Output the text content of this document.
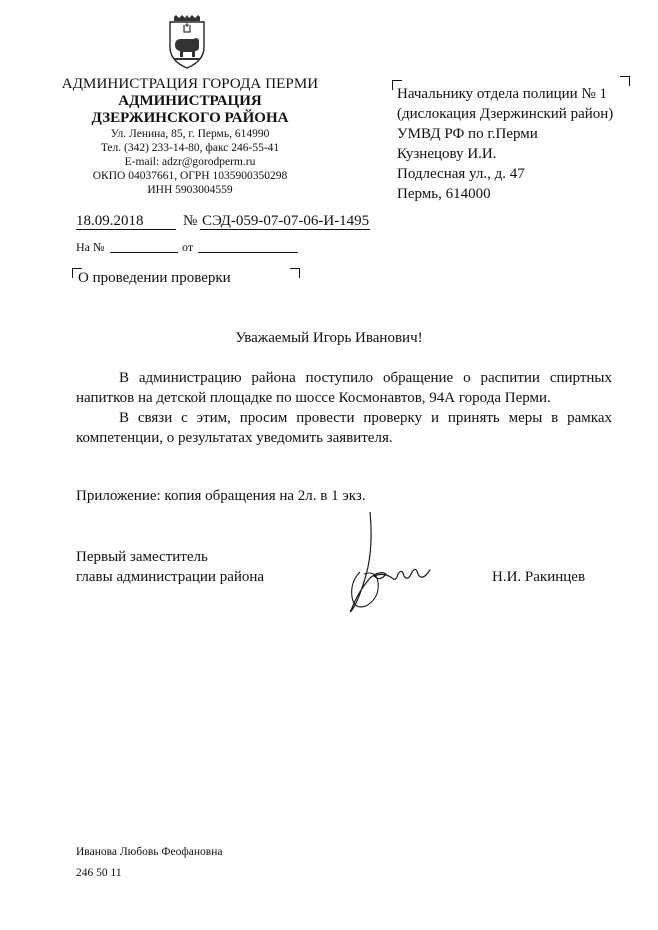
АДМИНИСТРАЦИЯ ГОРОДА ПЕРМИ
АДМИНИСТРАЦИЯ
ДЗЕРЖИНСКОГО РАЙОНА
Ул. Ленина, 85, г. Пермь, 614990
Тел. (342) 233-14-80, факс 246-55-41
E-mail: adzr@gorodperm.ru
ОКПО 04037661, ОГРН 1035900350298
ИНН 5903004559
Начальнику отдела полиции № 1
(дислокация Дзержинский район)
УМВД РФ по г.Перми
Кузнецову И.И.
Подлесная ул., д. 47
Пермь, 614000
18.09.2018	№ СЭД-059-07-07-06-И-1495
На №	от
О проведении проверки
Уважаемый Игорь Иванович!
В администрацию района поступило обращение о распитии спиртных напитков на детской площадке по шоссе Космонавтов, 94А города Перми.
В связи с этим, просим провести проверку и принять меры в рамках компетенции, о результатах уведомить заявителя.
Приложение: копия обращения на 2л. в 1 экз.
Первый заместитель
главы администрации района	Н.И. Ракинцев
Иванова Любовь Феофановна
246 50 11
